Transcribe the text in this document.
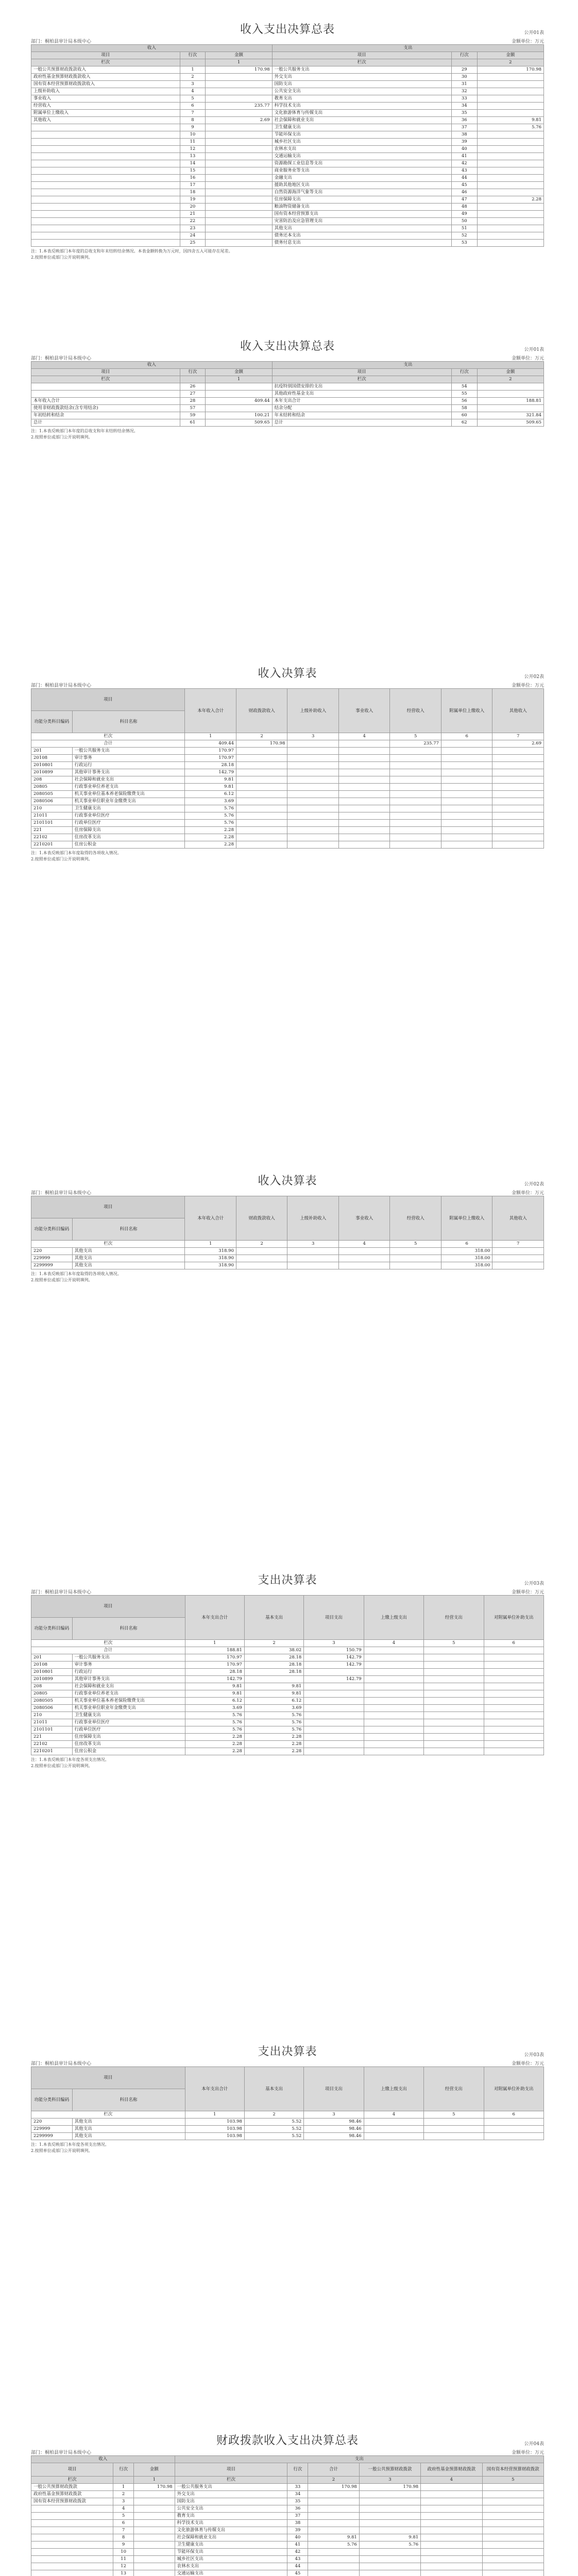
收入支出决算总表	公开01表
部门：桐柏县审计局本级中心	金额单位：万元
收入			支出		
项目	行次	金额	项目	行次	金额
栏次		1	栏次		2
一般公共预算财政拨款收入	1	170.98	一般公共服务支出	29	170.98
政府性基金预算财政拨款收入	2		外交支出	30	
国有资本经营预算财政拨款收入	3		国防支出	31	
上级补助收入	4		公共安全支出	32	
事业收入	5		教育支出	33	
经营收入	6	235.77	科学技术支出	34	
附属单位上缴收入	7		文化旅游体育与传媒支出	35	
其他收入	8	2.69	社会保障和就业支出	36	9.81
	9		卫生健康支出	37	5.76
	10		节能环保支出	38	
	11		城乡社区支出	39	
	12		农林水支出	40	
	13		交通运输支出	41	
	14		资源勘探工业信息等支出	42	
	15		商业服务业等支出	43	
	16		金融支出	44	
	17		援助其他地区支出	45	
	18		自然资源海洋气象等支出	46	
	19		住房保障支出	47	2.28
	20		粮油物资储备支出	48	
	21		国有资本经营预算支出	49	
	22		灾害防治及应急管理支出	50	
	23		其他支出	51	
	24		债务还本支出	52	
	25		债务付息支出	53	
注：1.本表反映部门本年度的总收支和年末结转结余情况。本表金额转换为万元时，因四舍五入可能存在尾差。
2.按照单位或部门公开说明填列。
收入支出决算总表	公开01表
部门：桐柏县审计局本级中心	金额单位：万元
收入			支出		
项目	行次	金额	项目	行次	金额
栏次		1	栏次		2
	26		抗疫特别国债安排的支出	54	
	27		其他政府性基金支出	55	
本年收入合计	28	409.44	本年支出合计	56	188.81
使用非财政拨款结余(含专用结余)	57		结余分配	58	
年初结转和结余	59	100.21	年末结转和结余	60	321.84
总计	61	509.65	总计	62	509.65
注：1.本表反映部门本年度的总收支和年末结转结余情况。
2.按照单位或部门公开说明填列。
收入决算表	公开02表
部门：桐柏县审计局本级中心	金额单位：万元
项目		本年收入合计	财政拨款收入	上级补助收入	事业收入	经营收入	附属单位上缴收入	其他收入
功能分类科目编码	科目名称							
栏次		1	2	3	4	5	6	7
合计		409.44	170.98			235.77		2.69
201	一般公共服务支出	170.97						
20108	审计事务	170.97						
2010801	行政运行	28.18						
2010899	其他审计事务支出	142.79						
208	社会保障和就业支出	9.81						
20805	行政事业单位养老支出	9.81						
2080505	机关事业单位基本养老保险缴费支出	6.12						
2080506	机关事业单位职业年金缴费支出	3.69						
210	卫生健康支出	5.76						
21011	行政事业单位医疗	5.76						
2101101	行政单位医疗	5.76						
221	住房保障支出	2.28						
22102	住房改革支出	2.28						
2210201	住房公积金	2.28						
注：1.本表反映部门本年度取得的各项收入情况。
2.按照单位或部门公开说明填列。
收入决算表	公开02表
部门：桐柏县审计局本级中心	金额单位：万元
项目		本年收入合计	财政拨款收入	上级补助收入	事业收入	经营收入	附属单位上缴收入	其他收入	
功能分类科目编码	科目名称								
栏次		1	2	3	4	5	6	7	
220	其他支出	318.90					318.00		
229999	其他支出	318.90					318.00		
2299999	其他支出	318.90					318.00		
注：1.本表反映部门本年度取得的各项收入情况。
2.按照单位或部门公开说明填列。
支出决算表	公开03表
部门：桐柏县审计局本级中心	金额单位：万元
项目		本年支出合计	基本支出	项目支出	上缴上级支出	经营支出	对附属单位补助支出
功能分类科目编码	科目名称						
栏次		1	2	3	4	5	6
合计		188.81	38.02	150.79			
201	一般公共服务支出	170.97	28.18	142.79			
20108	审计事务	170.97	28.18	142.79			
2010801	行政运行	28.18	28.18				
2010899	其他审计事务支出	142.79		142.79			
208	社会保障和就业支出	9.81	9.81				
20805	行政事业单位养老支出	9.81	9.81				
2080505	机关事业单位基本养老保险缴费支出	6.12	6.12				
2080506	机关事业单位职业年金缴费支出	3.69	3.69				
210	卫生健康支出	5.76	5.76				
21011	行政事业单位医疗	5.76	5.76				
2101101	行政单位医疗	5.76	5.76				
221	住房保障支出	2.28	2.28				
22102	住房改革支出	2.28	2.28				
2210201	住房公积金	2.28	2.28				
注：1.本表反映部门本年度各项支出情况。
2.按照单位或部门公开说明填列。
支出决算表	公开03表
部门：桐柏县审计局本级中心	金额单位：万元
项目		本年支出合计	基本支出	项目支出	上缴上级支出	经营支出	对附属单位补助支出
功能分类科目编码	科目名称						
栏次		1	2	3	4	5	6
220	其他支出	103.98	5.52	98.46			
229999	其他支出	103.98	5.52	98.46			
2299999	其他支出	103.98	5.52	98.46			
注：1.本表反映部门本年度各项支出情况。
2.按照单位或部门公开说明填列。
财政拨款收入支出决算总表	公开04表
部门：桐柏县审计局本级中心	金额单位：万元
收入			支出					
项目	行次	金额	项目	行次	合计	一般公共预算财政拨款	政府性基金预算财政拨款	国有资本经营预算财政拨款
栏次		1	栏次		2	3	4	5
一般公共预算财政拨款	1	170.98	一般公共服务支出	33	170.98	170.98		
政府性基金预算财政拨款	2		外交支出	34				
国有资本经营预算财政拨款	3		国防支出	35				
	4		公共安全支出	36				
	5		教育支出	37				
	6		科学技术支出	38				
	7		文化旅游体育与传媒支出	39				
	8		社会保障和就业支出	40	9.81	9.81		
	9		卫生健康支出	41	5.76	5.76		
	10		节能环保支出	42				
	11		城乡社区支出	43				
	12		农林水支出	44				
	13		交通运输支出	45				
